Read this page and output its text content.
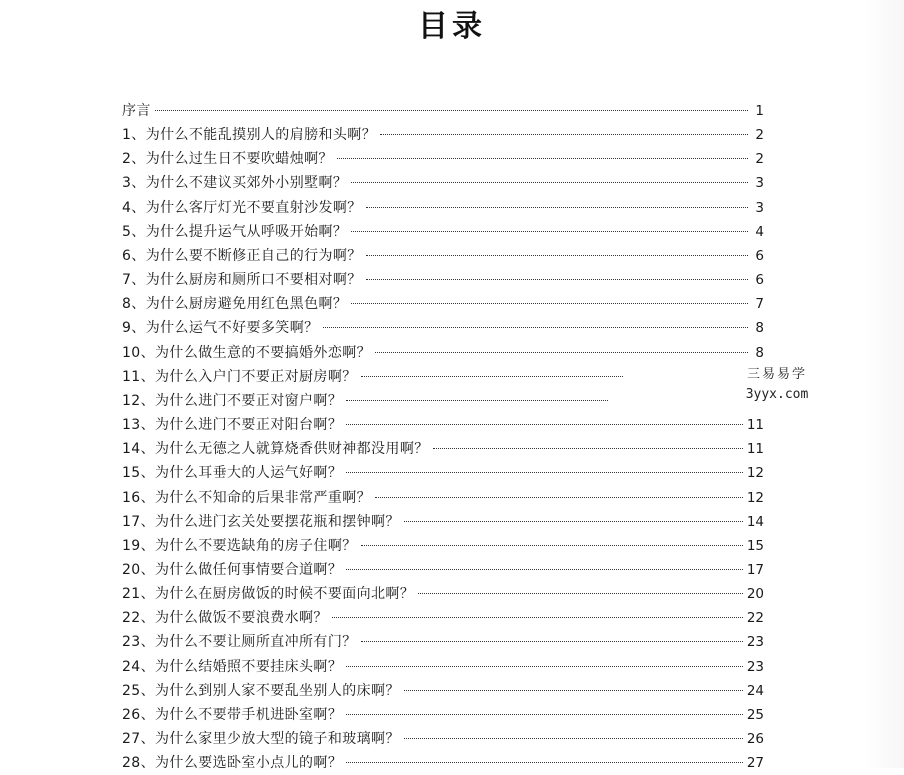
目录
序言	1
1、为什么不能乱摸别人的肩膀和头啊？	2
2、为什么过生日不要吹蜡烛啊？	2
3、为什么不建议买郊外小别墅啊？	3
4、为什么客厅灯光不要直射沙发啊？	3
5、为什么提升运气从呼吸开始啊？	4
6、为什么要不断修正自己的行为啊？	6
7、为什么厨房和厕所口不要相对啊？	6
8、为什么厨房避免用红色黑色啊？	7
9、为什么运气不好要多笑啊？	8
10、为什么做生意的不要搞婚外恋啊？	8
11、为什么入户门不要正对厨房啊？
12、为什么进门不要正对窗户啊？
13、为什么进门不要正对阳台啊？	11
14、为什么无德之人就算烧香供财神都没用啊？	11
15、为什么耳垂大的人运气好啊？	12
16、为什么不知命的后果非常严重啊？	12
17、为什么进门玄关处要摆花瓶和摆钟啊？	14
19、为什么不要选缺角的房子住啊？	15
20、为什么做任何事情要合道啊？	17
21、为什么在厨房做饭的时候不要面向北啊？	20
22、为什么做饭不要浪费水啊？	22
23、为什么不要让厕所直冲所有门？	23
24、为什么结婚照不要挂床头啊？	23
25、为什么到别人家不要乱坐别人的床啊？	24
26、为什么不要带手机进卧室啊？	25
27、为什么家里少放大型的镜子和玻璃啊？	26
28、为什么要选卧室小点儿的啊？	27
三易易学
3yyx.com
